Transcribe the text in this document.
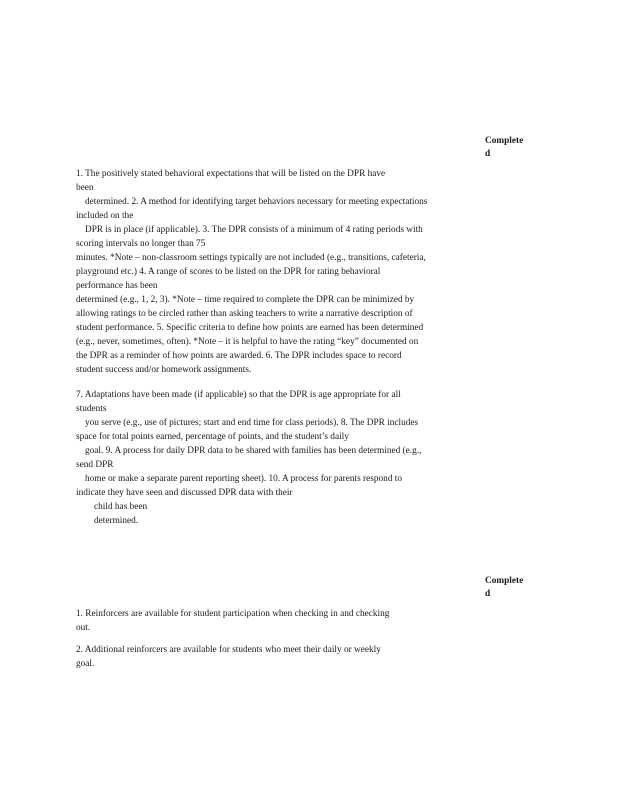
Completed
1. The positively stated behavioral expectations that will be listed on the DPR have
been
determined. 2. A method for identifying target behaviors necessary for meeting expectations
included on the
DPR is in place (if applicable). 3. The DPR consists of a minimum of 4 rating periods with
scoring intervals no longer than 75
minutes. *Note – non-classroom settings typically are not included (e.g., transitions, cafeteria,
playground etc.) 4. A range of scores to be listed on the DPR for rating behavioral
performance has been
determined (e.g., 1, 2, 3). *Note – time required to complete the DPR can be minimized by
allowing ratings to be circled rather than asking teachers to write a narrative description of
student performance. 5. Specific criteria to define how points are earned has been determined
(e.g., never, sometimes, often). *Note – it is helpful to have the rating “key” documented on
the DPR as a reminder of how points are awarded. 6. The DPR includes space to record
student success and/or homework assignments.
7. Adaptations have been made (if applicable) so that the DPR is age appropriate for all
students
you serve (e.g., use of pictures; start and end time for class periods). 8. The DPR includes
space for total points earned, percentage of points, and the student’s daily
goal. 9. A process for daily DPR data to be shared with families has been determined (e.g.,
send DPR
home or make a separate parent reporting sheet). 10. A process for parents respond to
indicate they have seen and discussed DPR data with their
child has been
determined.
Completed
1. Reinforcers are available for student participation when checking in and checking
out.
2. Additional reinforcers are available for students who meet their daily or weekly
goal.
